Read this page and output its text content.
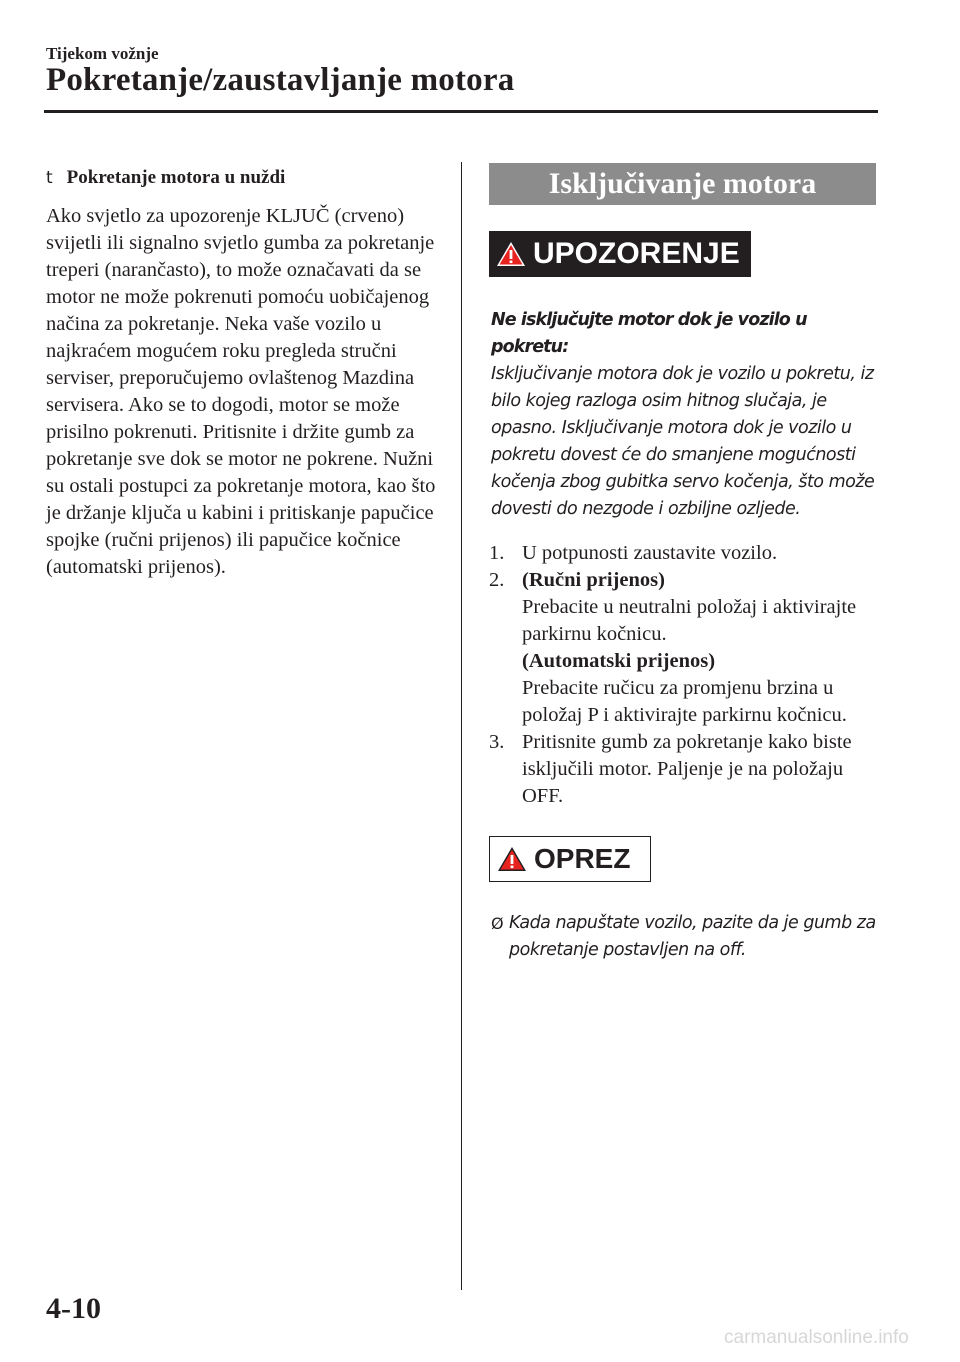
Tijekom vožnje
Pokretanje/zaustavljanje motora
t Pokretanje motora u nuždi

Ako svjetlo za upozorenje KLJUČ (crveno) svijetli ili signalno svjetlo gumba za pokretanje treperi (narančasto), to može označavati da se motor ne može pokrenuti pomoću uobičajenog načina za pokretanje. Neka vaše vozilo u najkraćem mogućem roku pregleda stručni serviser, preporučujemo ovlaštenog Mazdina servisera. Ako se to dogodi, motor se može prisilno pokrenuti. Pritisnite i držite gumb za pokretanje sve dok se motor ne pokrene. Nužni su ostali postupci za pokretanje motora, kao što je držanje ključa u kabini i pritiskanje papučice spojke (ručni prijenos) ili papučice kočnice (automatski prijenos).

Isključivanje motora
UPOZORENJE
Ne isključujte motor dok je vozilo u pokretu:
Isključivanje motora dok je vozilo u pokretu, iz bilo kojeg razloga osim hitnog slučaja, je opasno. Isključivanje motora dok je vozilo u pokretu dovest će do smanjene mogućnosti kočenja zbog gubitka servo kočenja, što može dovesti do nezgode i ozbiljne ozljede.
1. U potpunosti zaustavite vozilo.
2. (Ručni prijenos)
Prebacite u neutralni položaj i aktivirajte parkirnu kočnicu.
(Automatski prijenos)
Prebacite ručicu za promjenu brzina u položaj P i aktivirajte parkirnu kočnicu.
3. Pritisnite gumb za pokretanje kako biste isključili motor. Paljenje je na položaju OFF.
OPREZ
Ø Kada napuštate vozilo, pazite da je gumb za pokretanje postavljen na off.
4-10
carmanualsonline.info
